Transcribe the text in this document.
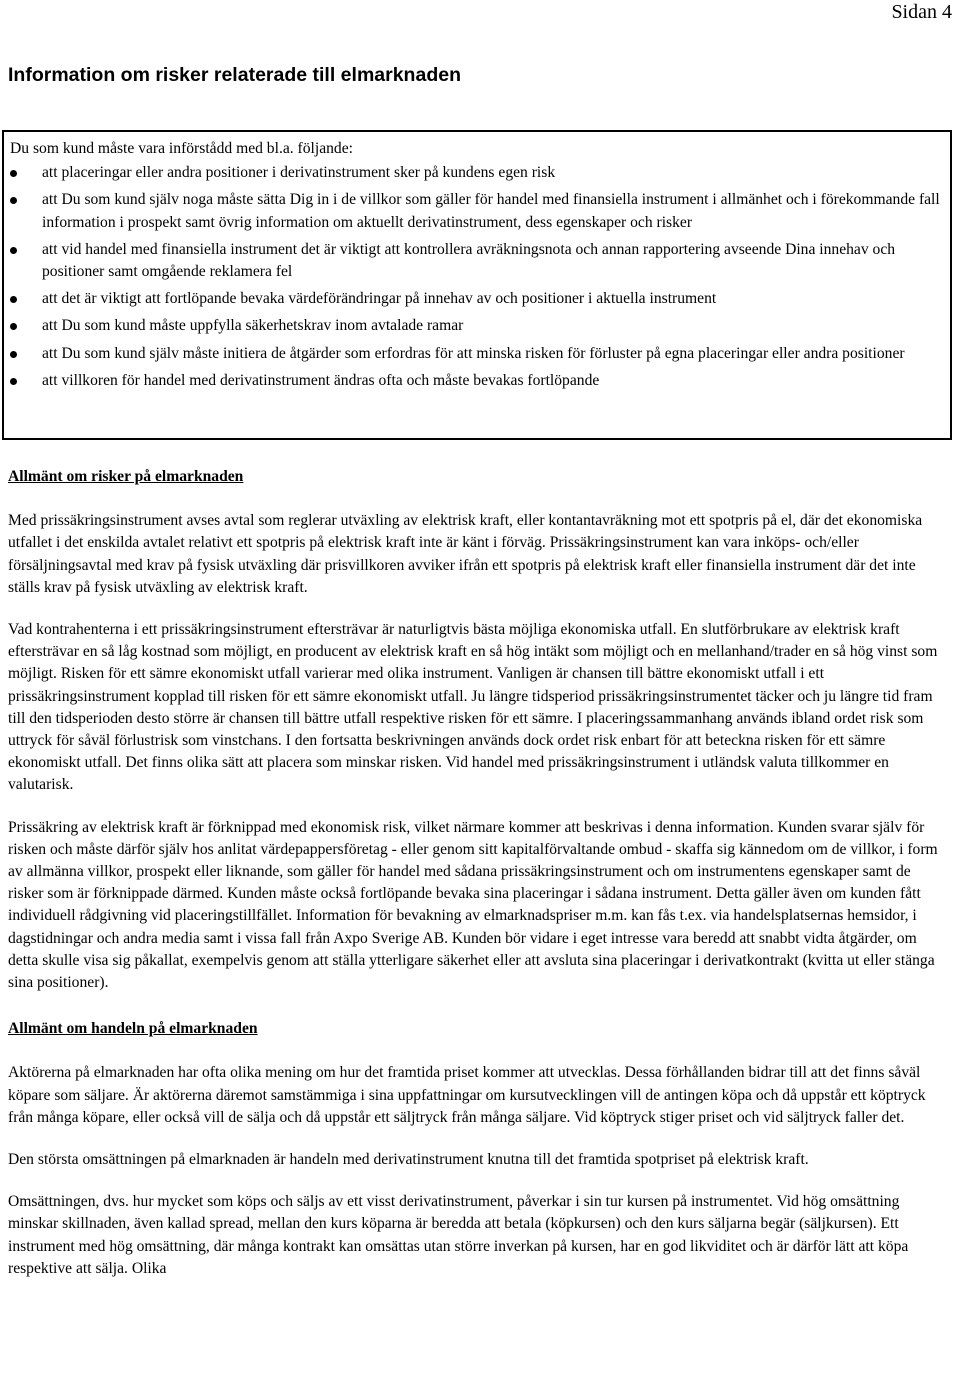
Sidan 4
Information om risker relaterade till elmarknaden

Du som kund måste vara införstådd med bl.a. följande:

att placeringar eller andra positioner i derivatinstrument sker på kundens egen risk
att Du som kund själv noga måste sätta Dig in i de villkor som gäller för handel med finansiella instrument i allmänhet och i förekommande fall information i prospekt samt övrig information om aktuellt derivatinstrument, dess egenskaper och risker
att vid handel med finansiella instrument det är viktigt att kontrollera avräkningsnota och annan rapportering avseende Dina innehav och positioner samt omgående reklamera fel
att det är viktigt att fortlöpande bevaka värdeförändringar på innehav av och positioner i aktuella instrument
att Du som kund måste uppfylla säkerhetskrav inom avtalade ramar
att Du som kund själv måste initiera de åtgärder som erfordras för att minska risken för förluster på egna placeringar eller andra positioner
att villkoren för handel med derivatinstrument ändras ofta och måste bevakas fortlöpande
Allmänt om risker på elmarknaden

Med prissäkringsinstrument avses avtal som reglerar utväxling av elektrisk kraft, eller kontantavräkning mot ett spotpris på el, där det ekonomiska utfallet i det enskilda avtalet relativt ett spotpris på elektrisk kraft inte är känt i förväg. Prissäkringsinstrument kan vara inköps- och/eller försäljningsavtal med krav på fysisk utväxling där prisvillkoren avviker ifrån ett spotpris på elektrisk kraft eller finansiella instrument där det inte ställs krav på fysisk utväxling av elektrisk kraft.

Vad kontrahenterna i ett prissäkringsinstrument eftersträvar är naturligtvis bästa möjliga ekonomiska utfall. En slutförbrukare av elektrisk kraft eftersträvar en så låg kostnad som möjligt, en producent av elektrisk kraft en så hög intäkt som möjligt och en mellanhand/trader en så hög vinst som möjligt. Risken för ett sämre ekonomiskt utfall varierar med olika instrument. Vanligen är chansen till bättre ekonomiskt utfall i ett prissäkringsinstrument kopplad till risken för ett sämre ekonomiskt utfall. Ju längre tidsperiod prissäkringsinstrumentet täcker och ju längre tid fram till den tidsperioden desto större är chansen till bättre utfall respektive risken för ett sämre. I placeringssammanhang används ibland ordet risk som uttryck för såväl förlustrisk som vinstchans. I den fortsatta beskrivningen används dock ordet risk enbart för att beteckna risken för ett sämre ekonomiskt utfall. Det finns olika sätt att placera som minskar risken. Vid handel med prissäkringsinstrument i utländsk valuta tillkommer en valutarisk.

Prissäkring av elektrisk kraft är förknippad med ekonomisk risk, vilket närmare kommer att beskrivas i denna information. Kunden svarar själv för risken och måste därför själv hos anlitat värdepappersföretag - eller genom sitt kapitalförvaltande ombud - skaffa sig kännedom om de villkor, i form av allmänna villkor, prospekt eller liknande, som gäller för handel med sådana prissäkringsinstrument och om instrumentens egenskaper samt de risker som är förknippade därmed. Kunden måste också fortlöpande bevaka sina placeringar i sådana instrument. Detta gäller även om kunden fått individuell rådgivning vid placeringstillfället. Information för bevakning av elmarknadspriser m.m. kan fås t.ex. via handelsplatsernas hemsidor, i dagstidningar och andra media samt i vissa fall från Axpo Sverige AB. Kunden bör vidare i eget intresse vara beredd att snabbt vidta åtgärder, om detta skulle visa sig påkallat, exempelvis genom att ställa ytterligare säkerhet eller att avsluta sina placeringar i derivatkontrakt (kvitta ut eller stänga sina positioner).

Allmänt om handeln på elmarknaden

Aktörerna på elmarknaden har ofta olika mening om hur det framtida priset kommer att utvecklas. Dessa förhållanden bidrar till att det finns såväl köpare som säljare. Är aktörerna däremot samstämmiga i sina uppfattningar om kursutvecklingen vill de antingen köpa och då uppstår ett köptryck från många köpare, eller också vill de sälja och då uppstår ett säljtryck från många säljare. Vid köptryck stiger priset och vid säljtryck faller det.

Den största omsättningen på elmarknaden är handeln med derivatinstrument knutna till det framtida spotpriset på elektrisk kraft.

Omsättningen, dvs. hur mycket som köps och säljs av ett visst derivatinstrument, påverkar i sin tur kursen på instrumentet. Vid hög omsättning minskar skillnaden, även kallad spread, mellan den kurs köparna är beredda att betala (köpkursen) och den kurs säljarna begär (säljkursen). Ett instrument med hög omsättning, där många kontrakt kan omsättas utan större inverkan på kursen, har en god likviditet och är därför lätt att köpa respektive att sälja. Olika
